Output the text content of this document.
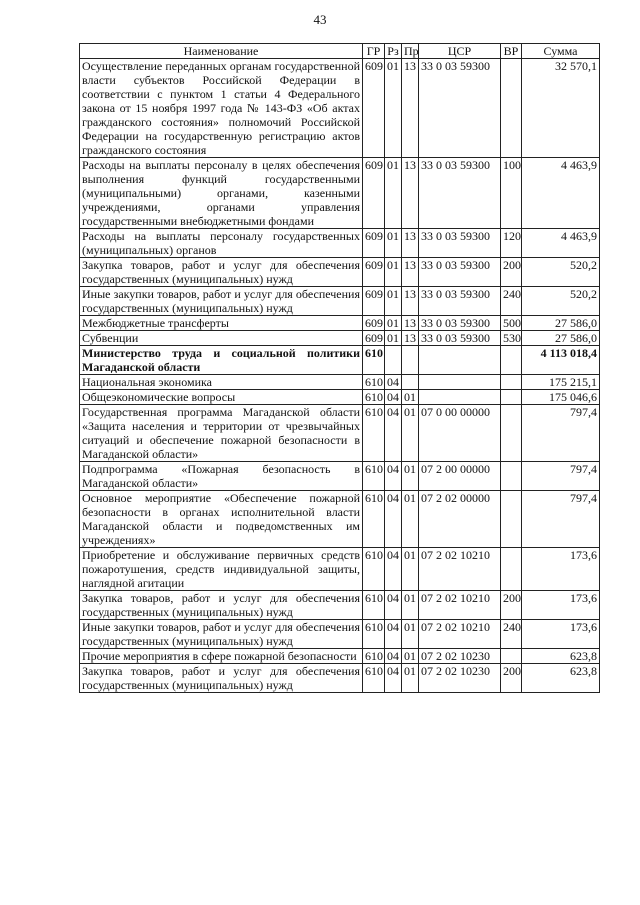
43
Наименование	ГР	Рз	Пр	ЦСР	ВР	Сумма
Осуществление переданных органам государственной власти субъектов Российской Федерации в соответствии с пунктом 1 статьи 4 Федерального закона от 15 ноября 1997 года № 143-ФЗ «Об актах гражданского состояния» полномочий Российской Федерации на государственную регистрацию актов гражданского состояния	609	01	13	33 0 03 59300		32 570,1
Расходы на выплаты персоналу в целях обеспечения выполнения функций государственными (муниципальными) органами, казенными учреждениями, органами управления государственными внебюджетными фондами	609	01	13	33 0 03 59300	100	4 463,9
Расходы на выплаты персоналу государственных (муниципальных) органов	609	01	13	33 0 03 59300	120	4 463,9
Закупка товаров, работ и услуг для обеспечения государственных (муниципальных) нужд	609	01	13	33 0 03 59300	200	520,2
Иные закупки товаров, работ и услуг для обеспечения государственных (муниципальных) нужд	609	01	13	33 0 03 59300	240	520,2
Межбюджетные трансферты	609	01	13	33 0 03 59300	500	27 586,0
Субвенции	609	01	13	33 0 03 59300	530	27 586,0
Министерство труда и социальной политики Магаданской области	610					4 113 018,4
Национальная экономика	610	04				175 215,1
Общеэкономические вопросы	610	04	01			175 046,6
Государственная программа Магаданской области «Защита населения и территории от чрезвычайных ситуаций и обеспечение пожарной безопасности в Магаданской области»	610	04	01	07 0 00 00000		797,4
Подпрограмма «Пожарная безопасность в Магаданской области»	610	04	01	07 2 00 00000		797,4
Основное мероприятие «Обеспечение пожарной безопасности в органах исполнительной власти Магаданской области и подведомственных им учреждениях»	610	04	01	07 2 02 00000		797,4
Приобретение и обслуживание первичных средств пожаротушения, средств индивидуальной защиты, наглядной агитации	610	04	01	07 2 02 10210		173,6
Закупка товаров, работ и услуг для обеспечения государственных (муниципальных) нужд	610	04	01	07 2 02 10210	200	173,6
Иные закупки товаров, работ и услуг для обеспечения государственных (муниципальных) нужд	610	04	01	07 2 02 10210	240	173,6
Прочие мероприятия в сфере пожарной безопасности	610	04	01	07 2 02 10230		623,8
Закупка товаров, работ и услуг для обеспечения государственных (муниципальных) нужд	610	04	01	07 2 02 10230	200	623,8
